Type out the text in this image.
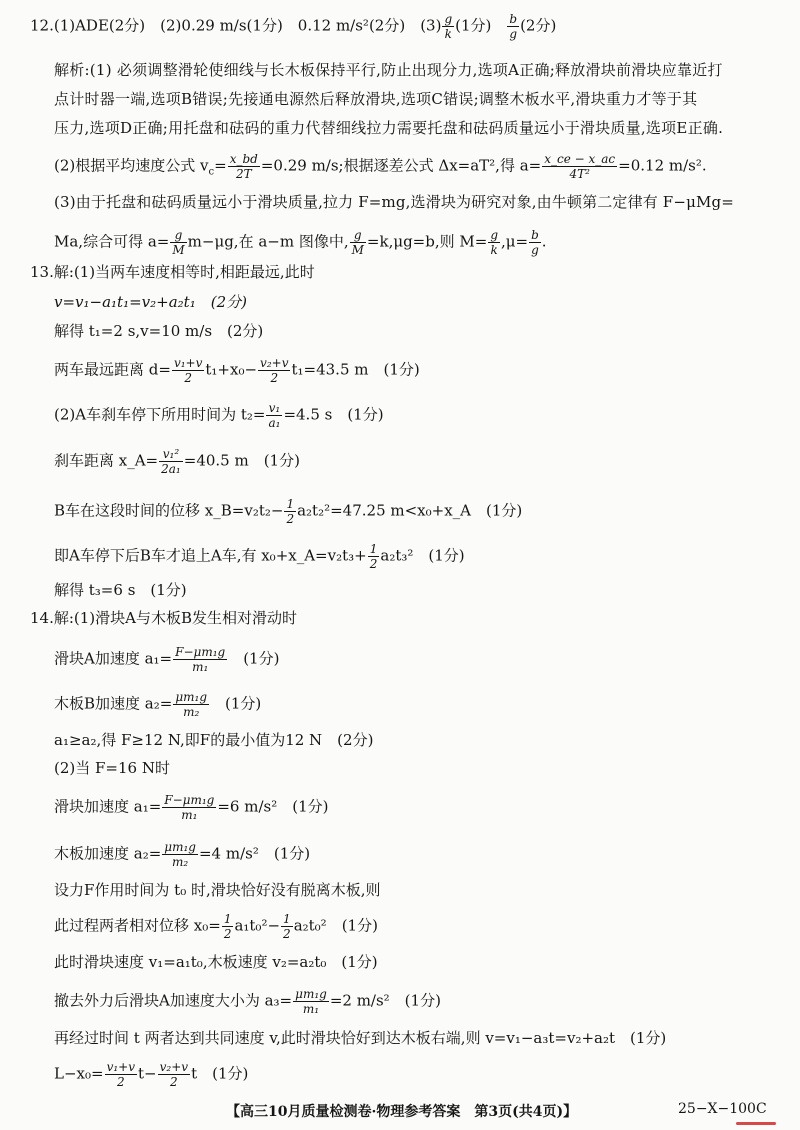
12.(1)ADE(2分)　(2)0.29 m/s(1分)　0.12 m/s²(2分)　$(3) \frac{g}{k} (1$分)　 $\frac{b}{g} (2$分)
解析:(1) 必须调整滑轮使细线与长木板保持平行,防止出现分力,选项A正确;释放滑块前滑块应靠近打
点计时器一端,选项B错误;先接通电源然后释放滑块,选项C错误;调整木板水平,滑块重力才等于其
压力,选项D正确;用托盘和砝码的重力代替细线拉力需要托盘和砝码质量远小于滑块质量,选项E正确.
(2)根据平均速度公式 $v_c= \frac{x\_bd}{2T} =0.29$ m/s;根据逐差公式 Δx=aT²,得 $a= \frac{x\_ce - x\_ac}{\text{4T²}} =0.12$ m/s².
(3)由于托盘和砝码质量远小于滑块质量,拉力 F=mg,选滑块为研究对象,由牛顿第二定律有 F−μMg=
Ma,综合可得 $a= \frac{g}{M} m-\mu g$,在 a−m 图像中, $\frac{g}{M} =k,\mu g=b$,则 $M= \frac{g}{k} ,\mu= \frac{b}{g}$ .
13.解:(1)当两车速度相等时,相距最远,此时
v=v₁−a₁t₁=v₂+a₂t₁　(2分)
解得 t₁=2 s,v=10 m/s　(2分)
两车最远距离 $d= \frac{\text{v₁+v}}{2} t_1+x_0- \frac{\text{v₂+v}}{2} t_1=43.5$ m　(1分)
(2)A车刹车停下所用时间为 $t_2= \frac{\text{v₁}}{\text{a₁}} =4.5$ s　(1分)
刹车距离 x_A= $\frac{\text{v₁²}}{\text{2a₁}} =40.5$ m　(1分)
B车在这段时间的位移 x_B=v₂t₂− $\frac{1}{2} a_2t_2^2=47.25$ m<x₀+x_A　(1分)
即A车停下后B车才追上A车,有 x₀+x_A=v₂t₃+ $\frac{1}{2} a_2t_3^2$　(1分)
解得 t₃=6 s　(1分)
14.解:(1)滑块A与木板B发生相对滑动时
滑块A加速度 $a_1= \frac{\text{F−μm₁g}}{\text{m₁}}$ 　(1分)
木板B加速度 $a_2= \frac{\text{μm₁g}}{\text{m₂}}$ 　(1分)
a₁≥a₂,得 F≥12 N,即F的最小值为12 N　(2分)
(2)当 F=16 N时
滑块加速度 $a_1= \frac{\text{F−μm₁g}}{\text{m₁}} =6$ m/s²　(1分)
木板加速度 $a_2= \frac{\text{μm₁g}}{\text{m₂}} =4$ m/s²　(1分)
设力F作用时间为 t₀ 时,滑块恰好没有脱离木板,则
此过程两者相对位移 $x_0= \frac{1}{2} a_1t_0^2- \frac{1}{2} a_2t_0^2$　(1分)
此时滑块速度 v₁=a₁t₀,木板速度 v₂=a₂t₀　(1分)
撤去外力后滑块A加速度大小为 $a_3= \frac{\text{μm₁g}}{\text{m₁}} =2$ m/s²　(1分)
再经过时间 t 两者达到共同速度 v,此时滑块恰好到达木板右端,则 v=v₁−a₃t=v₂+a₂t　(1分)
$L-x_0= \frac{\text{v₁+v}}{2} t- \frac{\text{v₂+v}}{2}$ t　(1分)
【高三10月质量检测卷·物理参考答案　第3页(共4页)】	25−X−100C
